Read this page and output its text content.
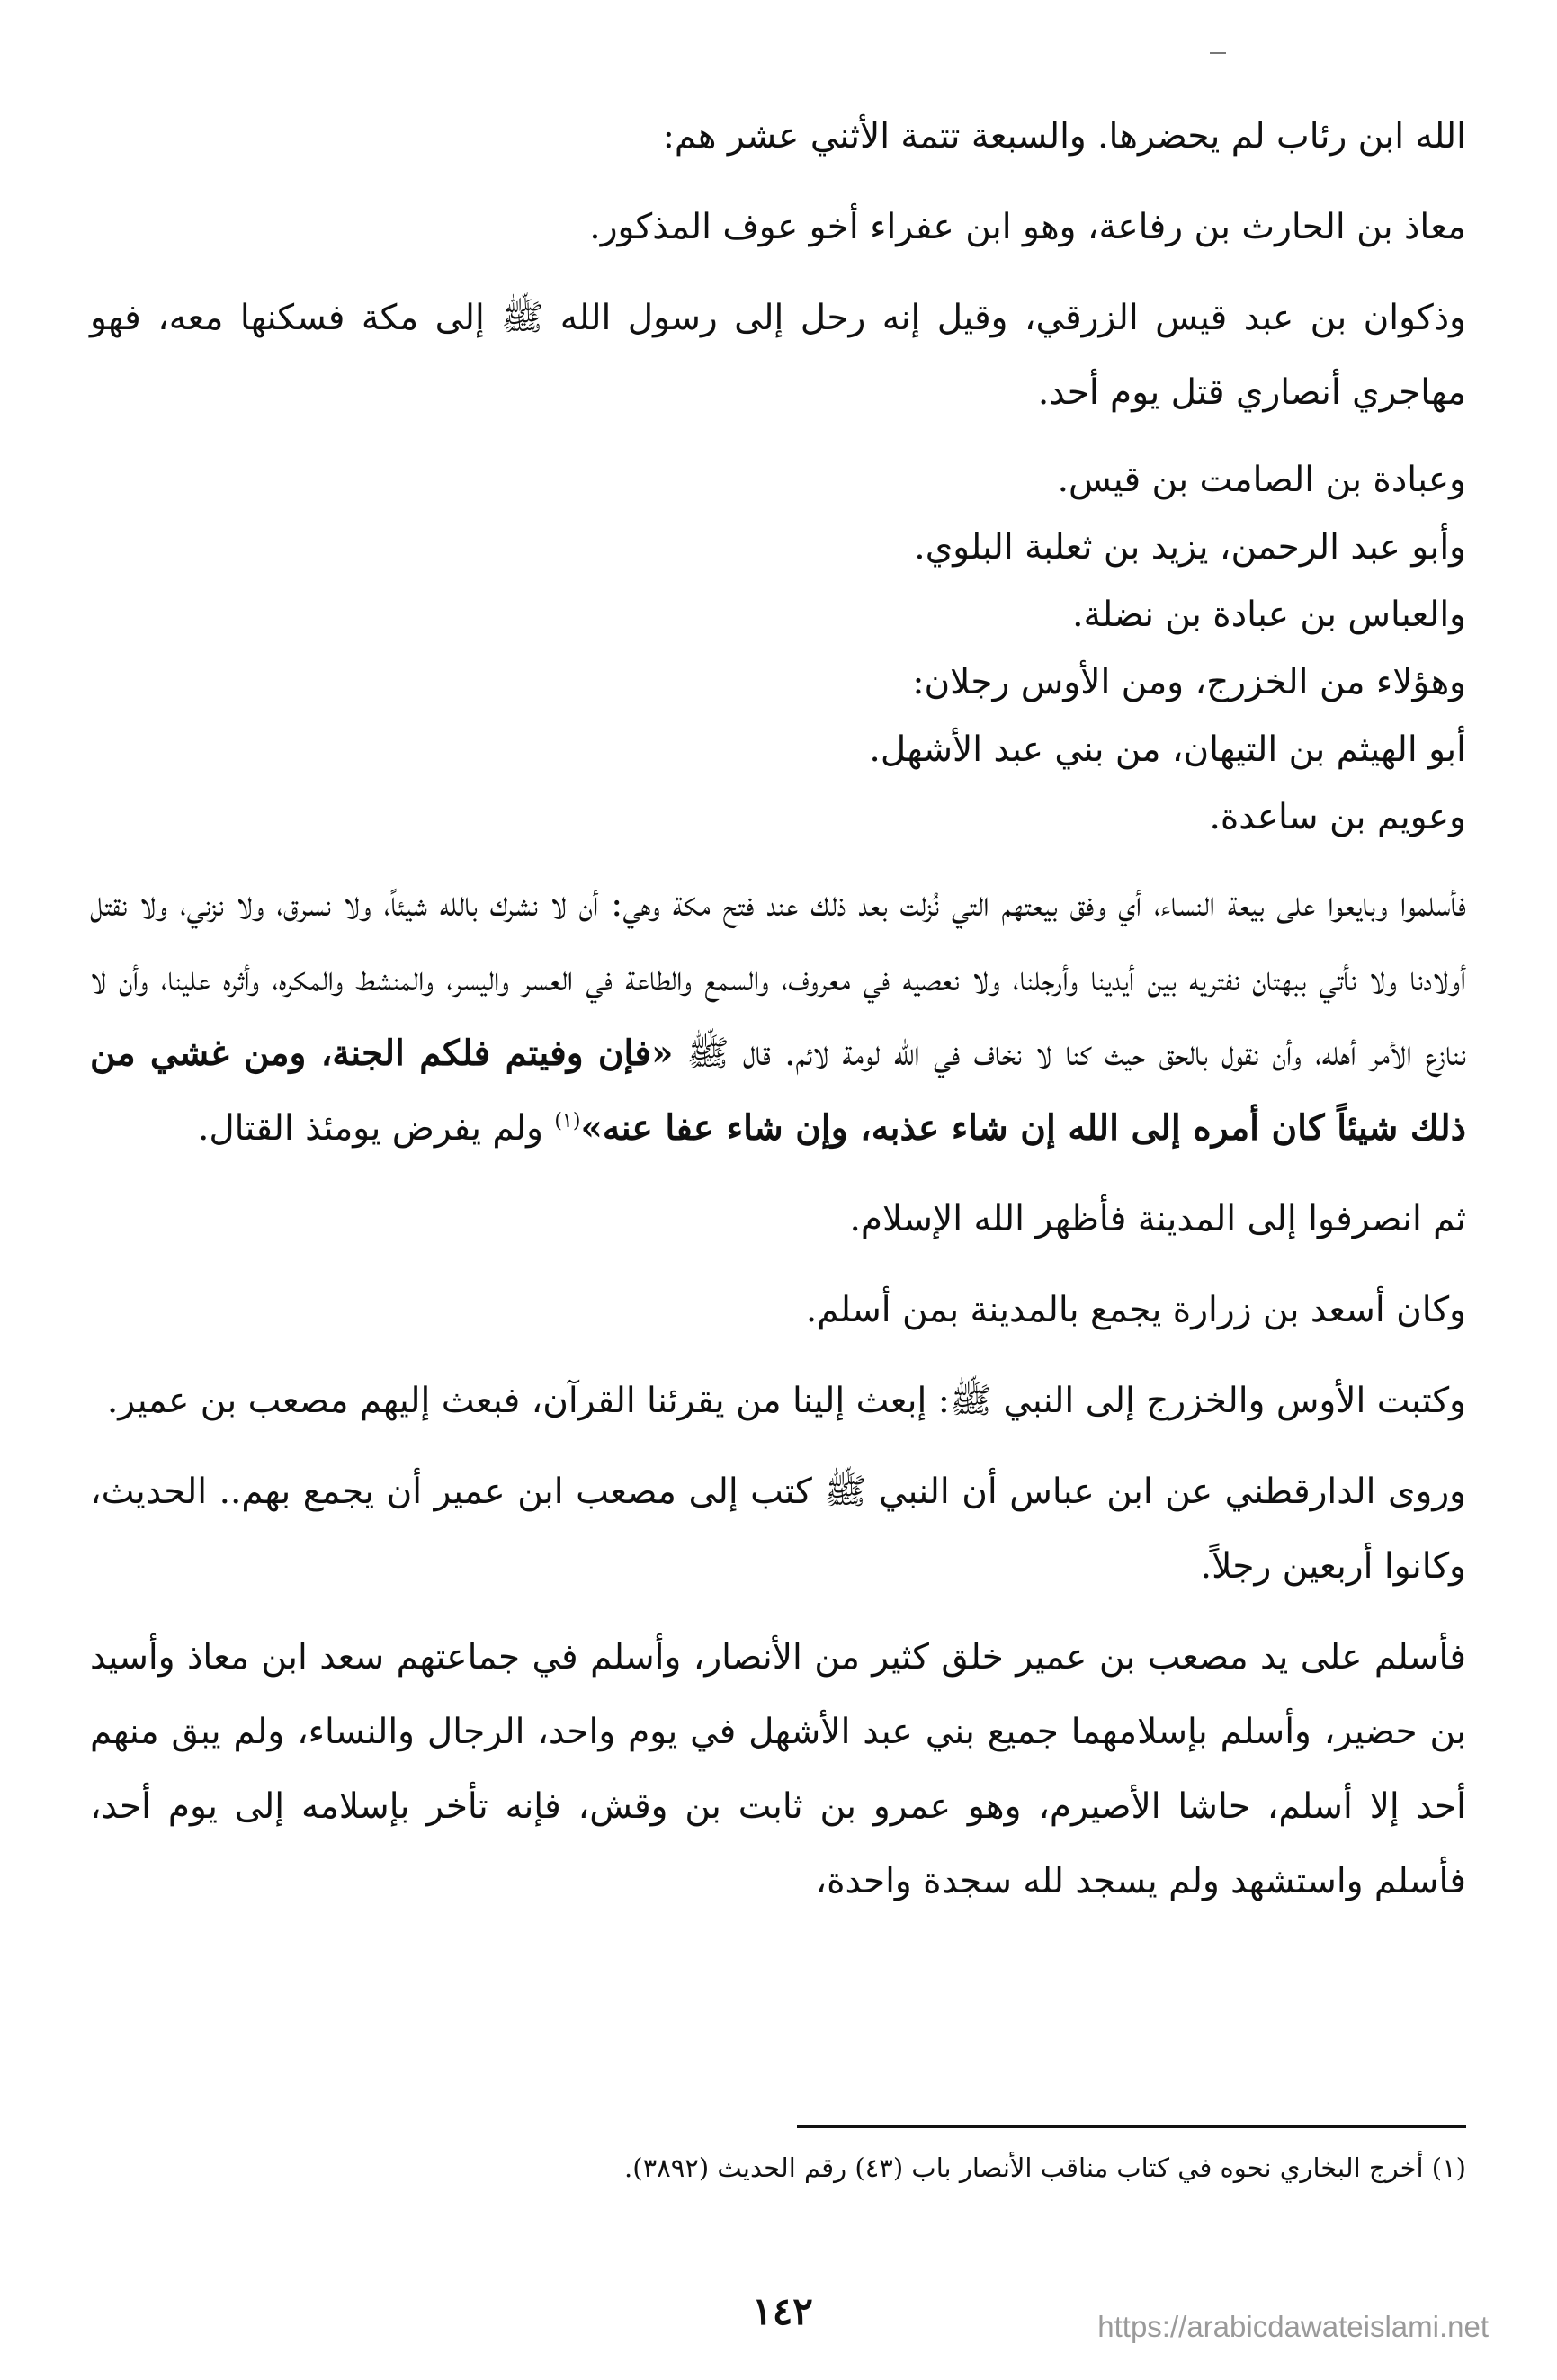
الله ابن رئاب لم يحضرها. والسبعة تتمة الأثني عشر هم:

معاذ بن الحارث بن رفاعة، وهو ابن عفراء أخو عوف المذكور.

وذكوان بن عبد قيس الزرقي، وقيل إنه رحل إلى رسول الله ﷺ إلى مكة فسكنها معه، فهو مهاجري أنصاري قتل يوم أحد.

وعبادة بن الصامت بن قيس.

وأبو عبد الرحمن، يزيد بن ثعلبة البلوي.

والعباس بن عبادة بن نضلة.

وهؤلاء من الخزرج، ومن الأوس رجلان:

أبو الهيثم بن التيهان، من بني عبد الأشهل.

وعويم بن ساعدة.

فأسلموا وبايعوا على بيعة النساء، أي وفق بيعتهم التي نُزلت بعد ذلك عند فتح مكة وهي: أن لا نشرك بالله شيئاً، ولا نسرق، ولا نزني، ولا نقتل أولادنا ولا نأتي ببهتان نفتريه بين أيدينا وأرجلنا، ولا نعصيه في معروف، والسمع والطاعة في العسر واليسر، والمنشط والمكره، وأثره علينا، وأن لا ننازع الأمر أهله، وأن نقول بالحق حيث كنا لا نخاف في الله لومة لائم. قال ﷺ «فإن وفيتم فلكم الجنة، ومن غشي من ذلك شيئاً كان أمره إلى الله إن شاء عذبه، وإن شاء عفا عنه»$^{(١)}$ ولم يفرض يومئذ القتال.

ثم انصرفوا إلى المدينة فأظهر الله الإسلام.

وكان أسعد بن زرارة يجمع بالمدينة بمن أسلم.

وكتبت الأوس والخزرج إلى النبي ﷺ: إبعث إلينا من يقرئنا القرآن، فبعث إليهم مصعب بن عمير.

وروى الدارقطني عن ابن عباس أن النبي ﷺ كتب إلى مصعب ابن عمير أن يجمع بهم.. الحديث، وكانوا أربعين رجلاً.

فأسلم على يد مصعب بن عمير خلق كثير من الأنصار، وأسلم في جماعتهم سعد ابن معاذ وأسيد بن حضير، وأسلم بإسلامهما جميع بني عبد الأشهل في يوم واحد، الرجال والنساء، ولم يبق منهم أحد إلا أسلم، حاشا الأصيرم، وهو عمرو بن ثابت بن وقش، فإنه تأخر بإسلامه إلى يوم أحد، فأسلم واستشهد ولم يسجد لله سجدة واحدة،

(١) أخرج البخاري نحوه في كتاب مناقب الأنصار باب (٤٣) رقم الحديث (٣٨٩٢).
١٤٢	https://arabicdawateislami.net
